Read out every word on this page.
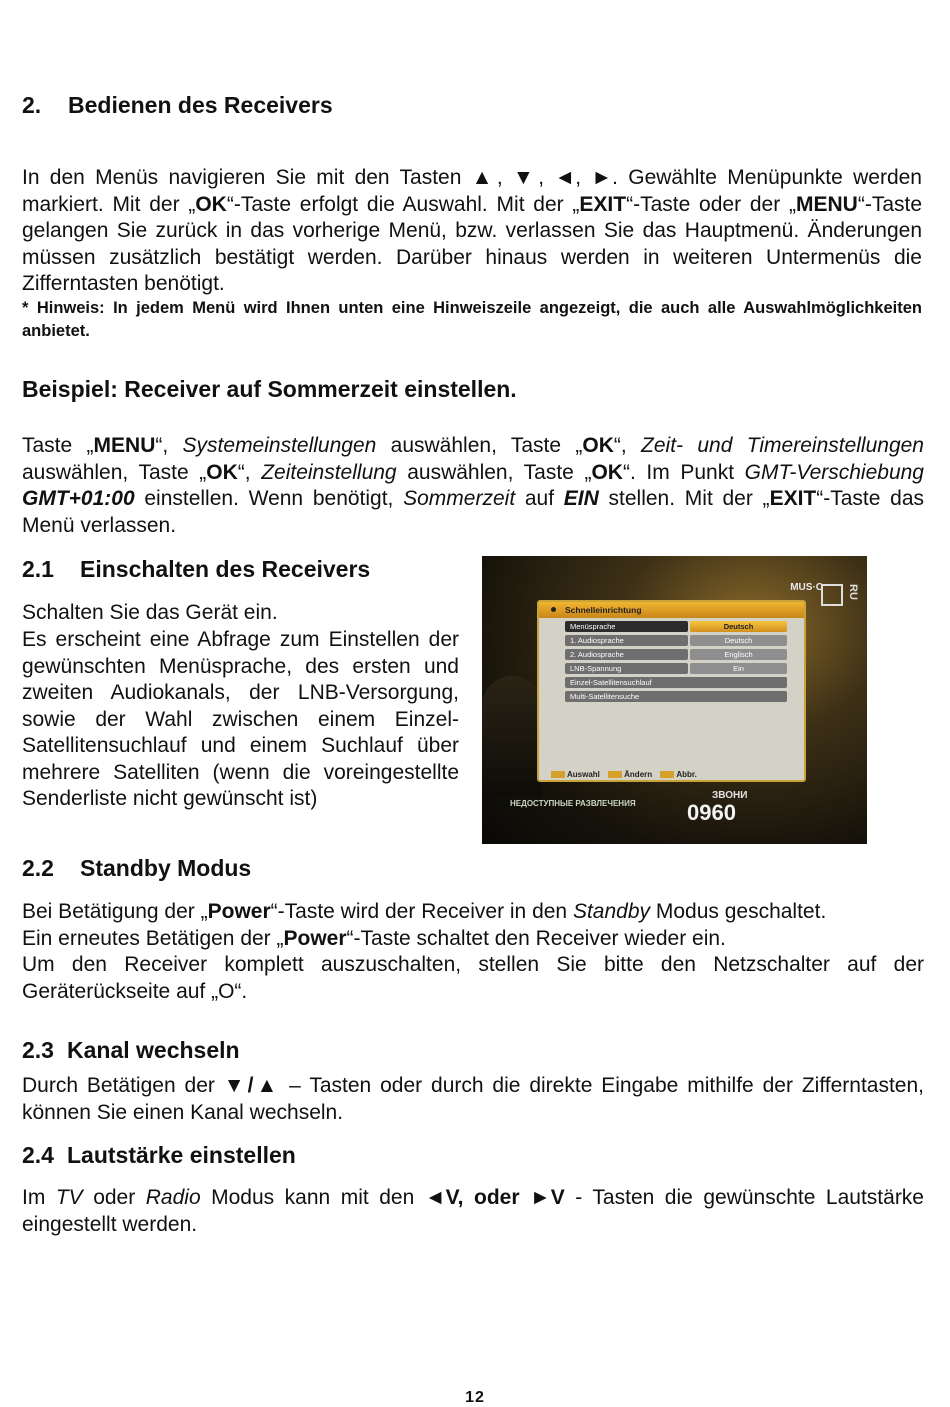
2. Bedienen des Receivers
In den Menüs navigieren Sie mit den Tasten ▲, ▼, ◄, ►. Gewählte Menüpunkte werden markiert. Mit der „OK“-Taste erfolgt die Auswahl. Mit der „EXIT“-Taste oder der „MENU“-Taste gelangen Sie zurück in das vorherige Menü, bzw. verlassen Sie das Hauptmenü. Änderungen müssen zusätzlich bestätigt werden. Darüber hinaus werden in weiteren Untermenüs die Zifferntasten benötigt.
* Hinweis: In jedem Menü wird Ihnen unten eine Hinweiszeile angezeigt, die auch alle Auswahlmöglichkeiten anbietet.
Beispiel: Receiver auf Sommerzeit einstellen.
Taste „MENU“, Systemeinstellungen auswählen, Taste „OK“, Zeit- und Timereinstellungen auswählen, Taste „OK“, Zeiteinstellung auswählen, Taste „OK“. Im Punkt GMT-Verschiebung GMT+01:00 einstellen. Wenn benötigt, Sommerzeit auf EIN stellen. Mit der „EXIT“-Taste das Menü verlassen.
2.1 Einschalten des Receivers
Schalten Sie das Gerät ein.
Es erscheint eine Abfrage zum Einstellen der gewünschten Menüsprache, des ersten und zweiten Audiokanals, der LNB-Versorgung, sowie der Wahl zwischen einem Einzel-Satellitensuchlauf und einem Suchlauf über mehrere Satelliten (wenn die voreingestellte Senderliste nicht gewünscht ist)
MUS·C RU
Schnelleinrichtung
Menüsprache	Deutsch
1. Audiosprache	Deutsch
2. Audiosprache	Englisch
LNB-Spannung	Ein
Einzel-Satellitensuchlauf
Multi-Satellitensuche
Auswahl	Ändern	Abbr.
НЕДОСТУПНЫЕ РАЗВЛЕЧЕНИЯ
ЗВОНИ
0960
2.2 Standby Modus
Bei Betätigung der „Power“-Taste wird der Receiver in den Standby Modus geschaltet.
Ein erneutes Betätigen der „Power“-Taste schaltet den Receiver wieder ein.
Um den Receiver komplett auszuschalten, stellen Sie bitte den Netzschalter auf der Geräterückseite auf „O“.
2.3 Kanal wechseln
Durch Betätigen der ▼/▲ – Tasten oder durch die direkte Eingabe mithilfe der Zifferntasten, können Sie einen Kanal wechseln.
2.4 Lautstärke einstellen
Im TV oder Radio Modus kann mit den ◄V, oder ►V - Tasten die gewünschte Lautstärke eingestellt werden.
12
